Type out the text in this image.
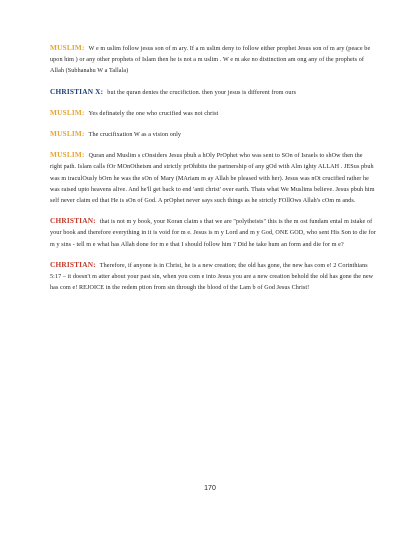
MUSLIM: W e m uslim follow jesus son of m ary. If a m uslim deny to follow either prophet Jesus son of m ary (peace be upon him ) or any other prophets of Islam then he is not a m uslim . W e m ake no distinction am ong any of the prophets of Allah (Subhanahu W a Tallala)

CHRISTIAN X: but the quran denies the crucifiction. then your jesus is different from ours

MUSLIM: Yes definately the one who crucified was not christ

MUSLIM: The crucifixation W as a vision only

MUSLIM: Quran and Muslim s cOnsiders Jesus pbuh a hOly PrOphet who was sent to SOn of Israels to shOw then the right path. Islam calls fOr MOnOtheism and strictly prOhibits the partnership of any gOd with Alm ighty ALLAH . JESus pbuh was m iraculOusly bOrn he was the sOn of Mary (MAriam m ay Allah be pleased with her). Jesus was nOt crucified rather he was raised upto heavens alive. And he'll get back to end 'anti christ' over earth. Thats what We Muslims believe. Jesus pbuh him self never claim ed that He is sOn of God. A prOphet never says such things as he strictly FOllOws Allah's cOm m ands.

CHRISTIAN: that is not m y book, your Koran claim s that we are "polytheists" this is the m ost fundam ental m istake of your book and therefore everything in it is void for m e. Jesus is m y Lord and m y God, ONE GOD, who sent His Son to die for m y sins - tell m e what has Allah done for m e that I should follow him ? Did he take hum an form and die for m e?

CHRISTIAN: Therefore, if anyone is in Christ, he is a new creation; the old has gone, the new has com e! 2 Corinthians 5:17 – it doesn't m atter about your past sin, when you com e into Jesus you are a new creation behold the old has gone the new has com e! REJOICE in the redem ption from sin through the blood of the Lam b of God Jesus Christ!

170
